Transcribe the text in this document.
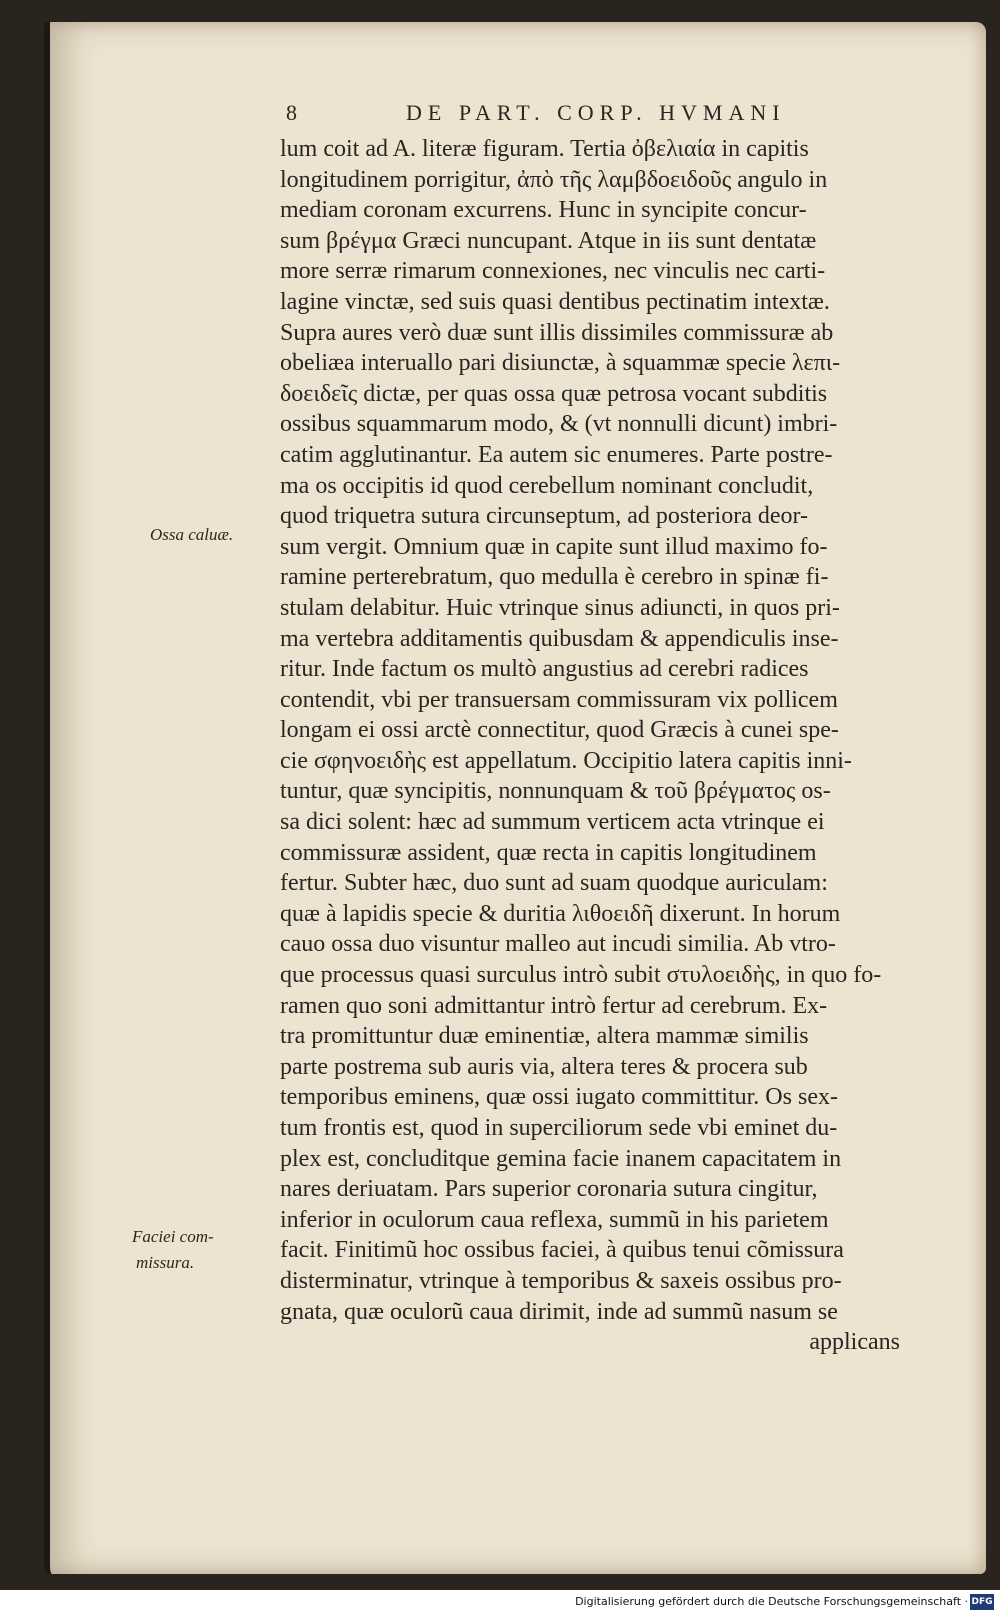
8	DE PART. CORP. HVMANI
lum coit ad A. literæ figuram. Tertia ὀβελιαία in capitis
longitudinem porrigitur, ἀπὸ τῆς λαμβδοειδοῦς angulo in
mediam coronam excurrens. Hunc in syncipite concur-
sum βρέγμα Græci nuncupant. Atque in iis sunt dentatæ
more serræ rimarum connexiones, nec vinculis nec carti-
lagine vinctæ, sed suis quasi dentibus pectinatim intextæ.
Supra aures verò duæ sunt illis dissimiles commissuræ ab
obeliæa interuallo pari disiunctæ, à squammæ specie λεπι-
δοειδεῖς dictæ, per quas ossa quæ petrosa vocant subditis
ossibus squammarum modo, & (vt nonnulli dicunt) imbri-
catim agglutinantur. Ea autem sic enumeres. Parte postre-
ma os occipitis id quod cerebellum nominant concludit,
quod triquetra sutura circunseptum, ad posteriora deor-
sum vergit. Omnium quæ in capite sunt illud maximo fo-
ramine perterebratum, quo medulla è cerebro in spinæ fi-
stulam delabitur. Huic vtrinque sinus adiuncti, in quos pri-
ma vertebra additamentis quibusdam & appendiculis inse-
ritur. Inde factum os multò angustius ad cerebri radices
contendit, vbi per transuersam commissuram vix pollicem
longam ei ossi arctè connectitur, quod Græcis à cunei spe-
cie σφηνοειδὴς est appellatum. Occipitio latera capitis inni-
tuntur, quæ syncipitis, nonnunquam & τοῦ βρέγματος os-
sa dici solent: hæc ad summum verticem acta vtrinque ei
commissuræ assident, quæ recta in capitis longitudinem
fertur. Subter hæc, duo sunt ad suam quodque auriculam:
quæ à lapidis specie & duritia λιθοειδῆ dixerunt. In horum
cauo ossa duo visuntur malleo aut incudi similia. Ab vtro-
que processus quasi surculus intrò subit στυλοειδὴς, in quo fo-
ramen quo soni admittantur intrò fertur ad cerebrum. Ex-
tra promittuntur duæ eminentiæ, altera mammæ similis
parte postrema sub auris via, altera teres & procera sub
temporibus eminens, quæ ossi iugato committitur. Os sex-
tum frontis est, quod in superciliorum sede vbi eminet du-
plex est, concluditque gemina facie inanem capacitatem in
nares deriuatam. Pars superior coronaria sutura cingitur,
inferior in oculorum caua reflexa, summũ in his parietem
facit. Finitimũ hoc ossibus faciei, à quibus tenui cõmissura
disterminatur, vtrinque à temporibus & saxeis ossibus pro-
gnata, quæ oculorũ caua dirimit, inde ad summũ nasum se
applicans
Ossa caluæ.
Faciei com-
missura.
Digitalisierung gefördert durch die Deutsche Forschungsgemeinschaft · DFG
